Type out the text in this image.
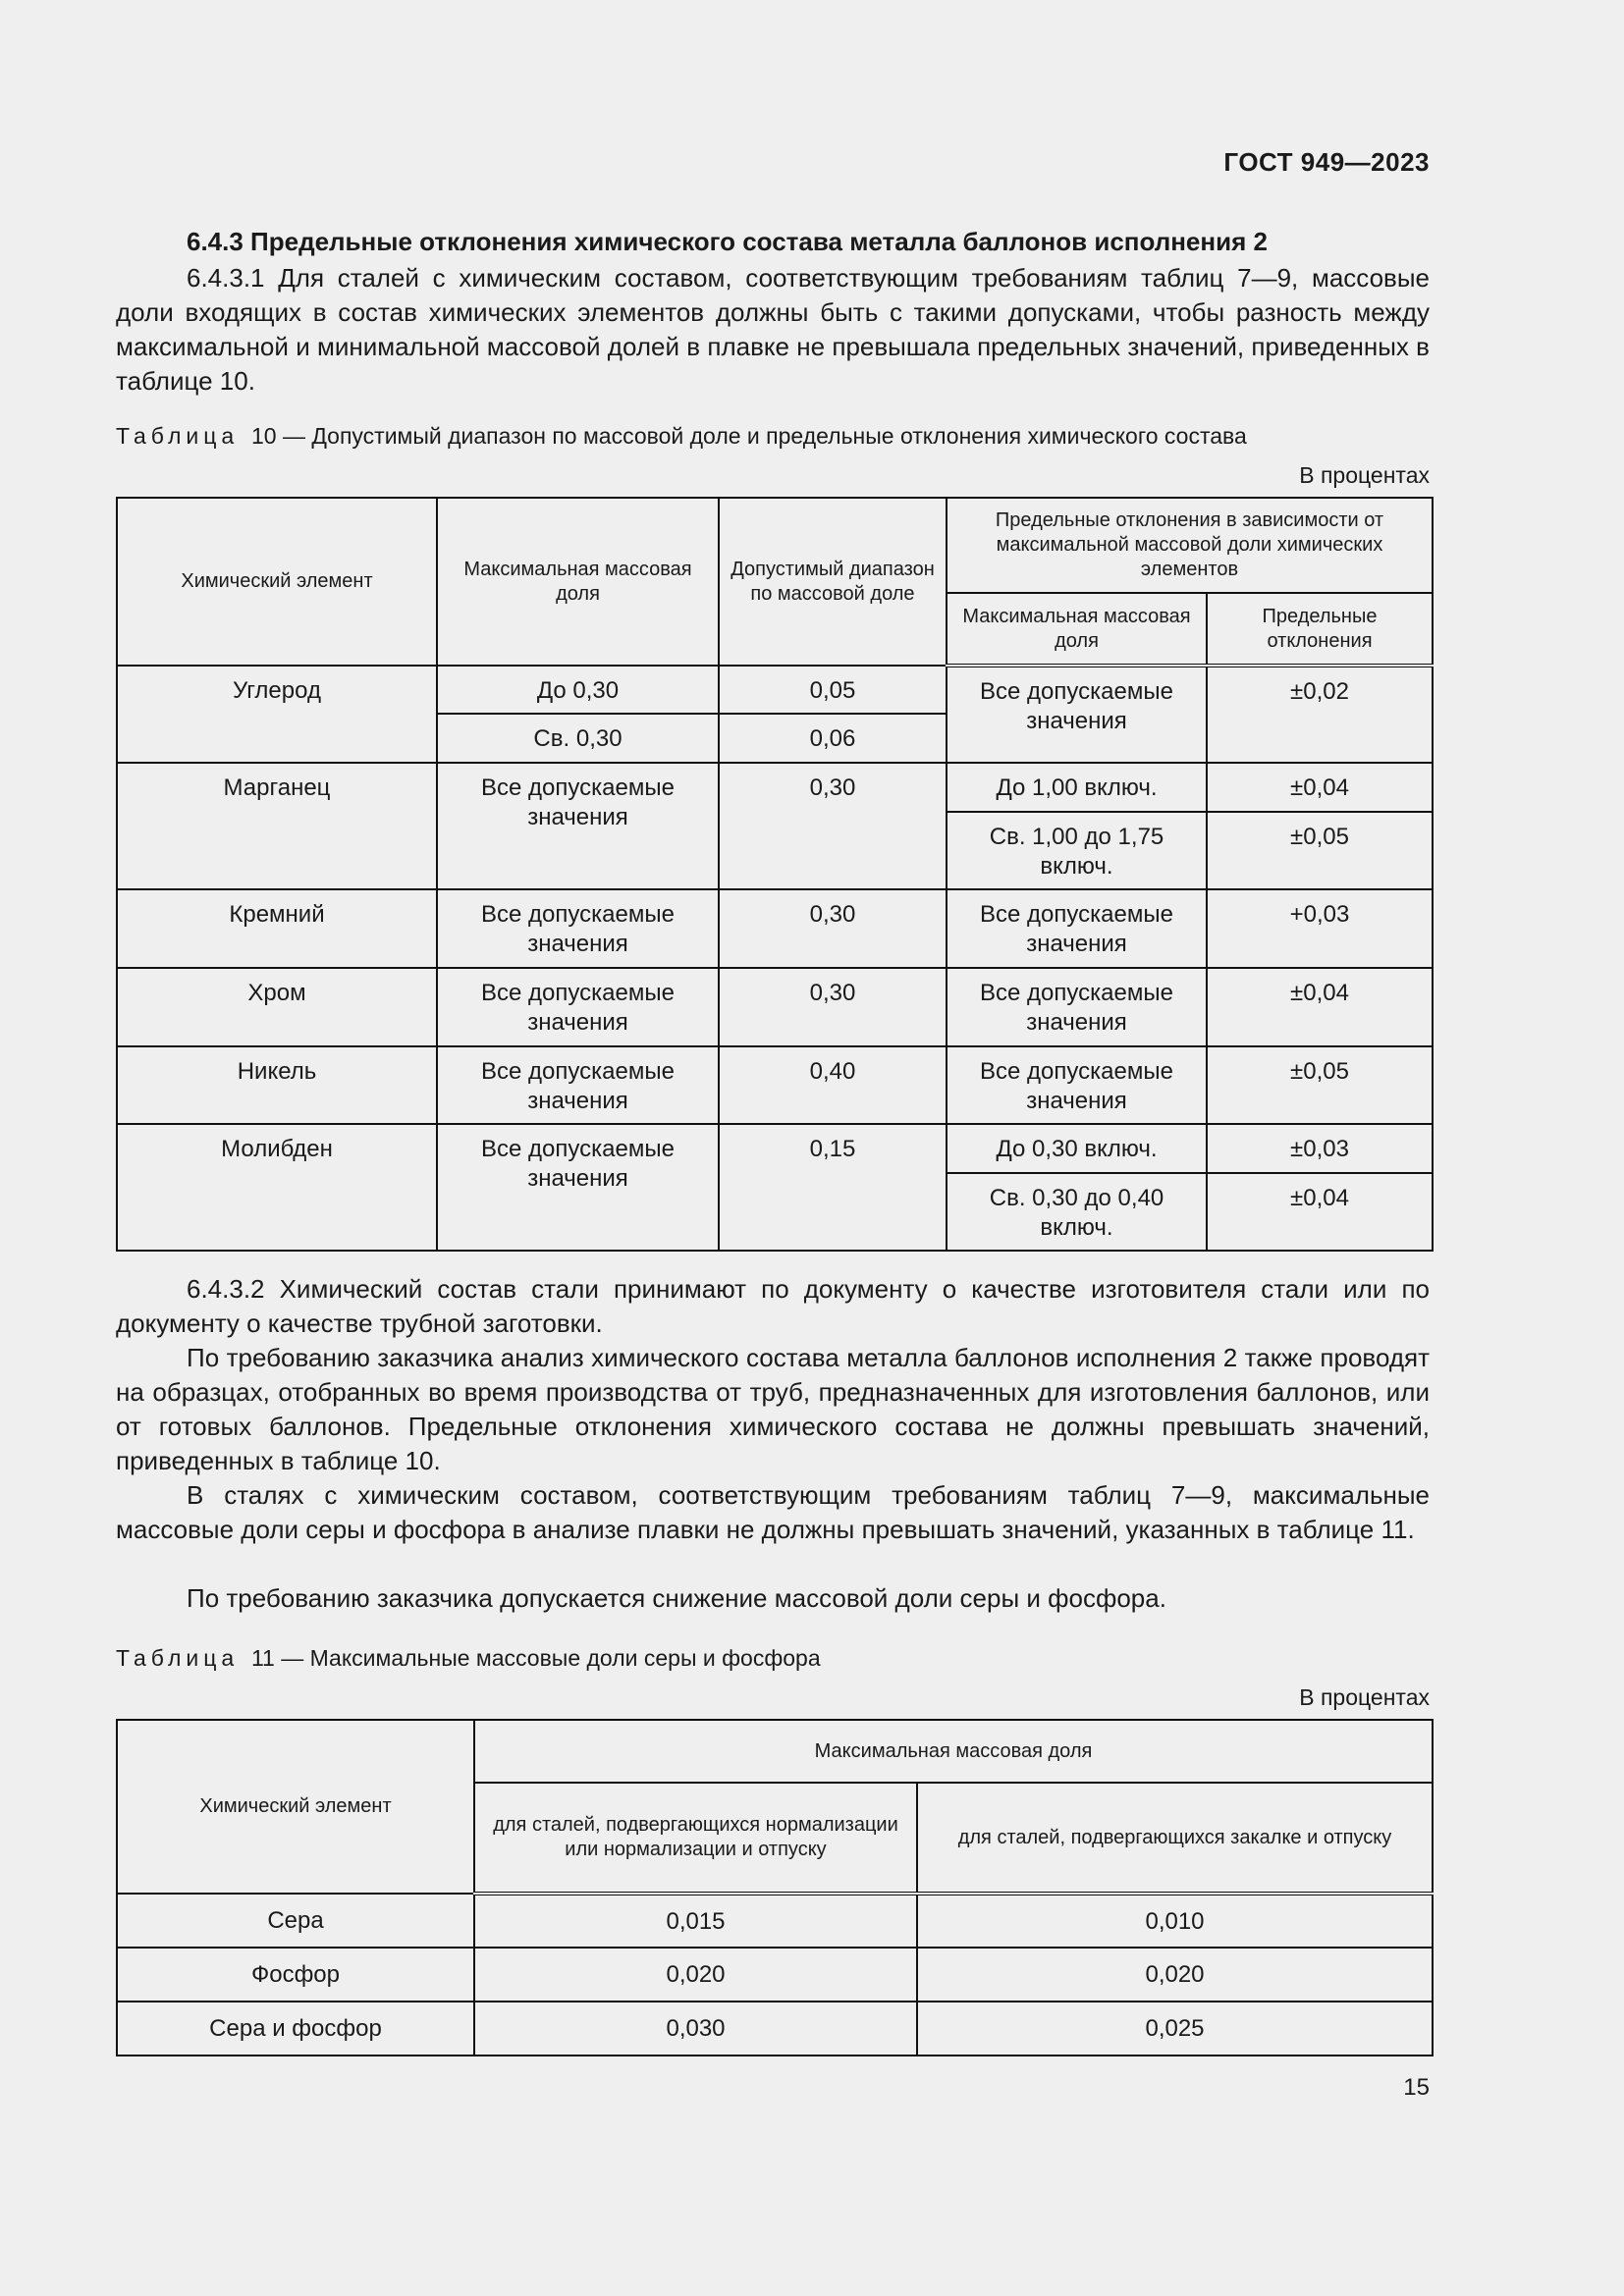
ГОСТ 949—2023
6.4.3 Предельные отклонения химического состава металла баллонов исполнения 2
6.4.3.1 Для сталей с химическим составом, соответствующим требованиям таблиц 7—9, массовые доли входящих в состав химических элементов должны быть с такими допусками, чтобы разность между максимальной и минимальной массовой долей в плавке не превышала предельных значений, приведенных в таблице 10.
Таблица 10 — Допустимый диапазон по массовой доле и предельные отклонения химического состава
В процентах
Химический элемент	Максимальная массовая доля	Допустимый диапазон по массовой доле	Предельные отклонения в зависимости от максимальной массовой доли химических элементов	
			Максимальная массовая доля	Предельные отклонения
Углерод	До 0,30	0,05	Все допускаемые значения	±0,02
	Св. 0,30	0,06		
Марганец	Все допускаемые значения	0,30	До 1,00 включ.	±0,04
			Св. 1,00 до 1,75 включ.	±0,05
Кремний	Все допускаемые значения	0,30	Все допускаемые значения	+0,03
Хром	Все допускаемые значения	0,30	Все допускаемые значения	±0,04
Никель	Все допускаемые значения	0,40	Все допускаемые значения	±0,05
Молибден	Все допускаемые значения	0,15	До 0,30 включ.	±0,03
			Св. 0,30 до 0,40 включ.	±0,04
6.4.3.2 Химический состав стали принимают по документу о качестве изготовителя стали или по документу о качестве трубной заготовки.
По требованию заказчика анализ химического состава металла баллонов исполнения 2 также проводят на образцах, отобранных во время производства от труб, предназначенных для изготовления баллонов, или от готовых баллонов. Предельные отклонения химического состава не должны превышать значений, приведенных в таблице 10.
В сталях с химическим составом, соответствующим требованиям таблиц 7—9, максимальные массовые доли серы и фосфора в анализе плавки не должны превышать значений, указанных в таблице 11.
По требованию заказчика допускается снижение массовой доли серы и фосфора.
Таблица 11 — Максимальные массовые доли серы и фосфора
В процентах
Химический элемент	Максимальная массовая доля	
	для сталей, подвергающихся нормализации или нормализации и отпуску	для сталей, подвергающихся закалке и отпуску
Сера	0,015	0,010
Фосфор	0,020	0,020
Сера и фосфор	0,030	0,025
15
